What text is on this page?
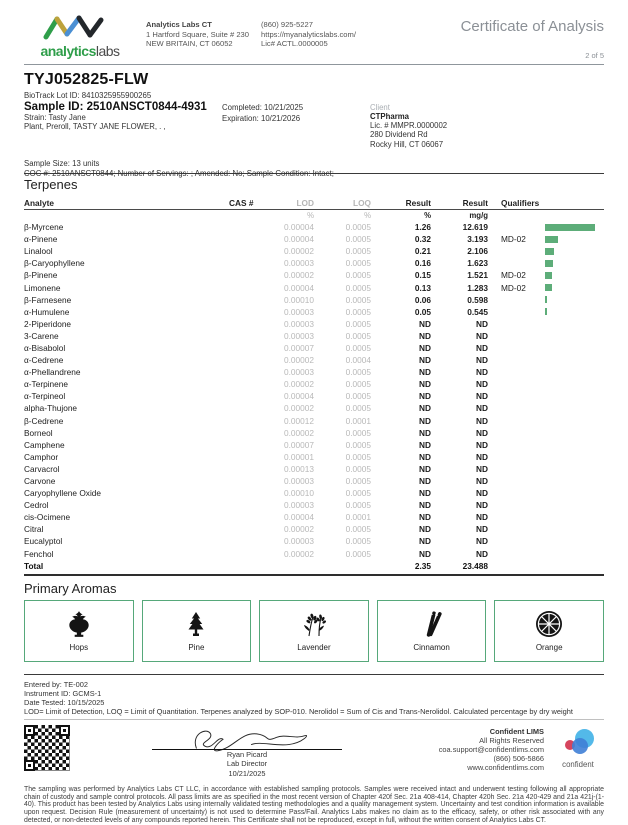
analyticslabs
Analytics Labs CT
1 Hartford Square, Suite # 230
NEW BRITAIN, CT 06052
(860) 925-5227
https://myanalyticslabs.com/
Lic# ACTL.0000005
Certificate of Analysis
2 of 5
TYJ052825-FLW
BioTrack Lot ID: 8410325955900265
Sample ID: 2510ANSCT0844-4931
Strain: Tasty Jane
Plant, Preroll, TASTY JANE FLOWER, . ,
Completed: 10/21/2025
Expiration: 10/21/2026
Client
CTPharma
Lic. # MMPR.0000002
280 Dividend Rd
Rocky Hill, CT 06067
Sample Size: 13 units
COC #: 2510ANSCT0844; Number of Servings: ; Amended: No; Sample Condition: Intact;
Terpenes
Analyte	CAS #	LOD	LOQ	Result	Result	Qualifiers
%	%	%	mg/g
β-Myrcene	0.00004	0.0005	1.26	12.619
α-Pinene	0.00004	0.0005	0.32	3.193	MD-02
Linalool	0.00002	0.0005	0.21	2.106
β-Caryophyllene	0.00003	0.0005	0.16	1.623
β-Pinene	0.00002	0.0005	0.15	1.521	MD-02
Limonene	0.00004	0.0005	0.13	1.283	MD-02
β-Farnesene	0.00010	0.0005	0.06	0.598
α-Humulene	0.00003	0.0005	0.05	0.545
2-Piperidone	0.00003	0.0005	ND	ND
3-Carene	0.00003	0.0005	ND	ND
α-Bisabolol	0.00007	0.0005	ND	ND
α-Cedrene	0.00002	0.0004	ND	ND
α-Phellandrene	0.00003	0.0005	ND	ND
α-Terpinene	0.00002	0.0005	ND	ND
α-Terpineol	0.00004	0.0005	ND	ND
alpha-Thujone	0.00002	0.0005	ND	ND
β-Cedrene	0.00012	0.0001	ND	ND
Borneol	0.00002	0.0005	ND	ND
Camphene	0.00007	0.0005	ND	ND
Camphor	0.00001	0.0005	ND	ND
Carvacrol	0.00013	0.0005	ND	ND
Carvone	0.00003	0.0005	ND	ND
Caryophyllene Oxide	0.00010	0.0005	ND	ND
Cedrol	0.00003	0.0005	ND	ND
cis-Ocimene	0.00004	0.0001	ND	ND
Citral	0.00002	0.0005	ND	ND
Eucalyptol	0.00003	0.0005	ND	ND
Fenchol	0.00002	0.0005	ND	ND
Total	2.35	23.488
Primary Aromas
Hops	Pine	Lavender	Cinnamon	Orange
Entered by: TE-002
Instrument ID: GCMS-1
Date Tested: 10/15/2025
LOD= Limit of Detection, LOQ = Limit of Quantitation. Terpenes analyzed by SOP-010. Nerolidol = Sum of Cis and Trans-Nerolidol. Calculated percentage by dry weight
Ryan Picard
Lab Director
10/21/2025
Confident LIMS
All Rights Reserved
coa.support@confidentlims.com
(866) 506-5866
www.confidentlims.com	confident
The sampling was performed by Analytics Labs CT LLC, in accordance with established sampling protocols. Samples were received intact and underwent testing following all appropriate chain of custody and sample control protocols. All pass limits are as specified in the most recent version of Chapter 420f Sec. 21a 408-414, Chapter 420h Sec. 21a 420-429 and 21a 421j-(1-40). This product has been tested by Analytics Labs using internally validated testing methodologies and a quality management system. Uncertainty and test condition information is available upon request. Decision Rule (measurement of uncertainty) is not used to determine Pass/Fail. Analytics Labs makes no claim as to the efficacy, safety, or other risk associated with any detected, or non-detected levels of any compounds reported herein. This Certificate shall not be reproduced, except in full, without the written consent of Analytics Labs CT.
